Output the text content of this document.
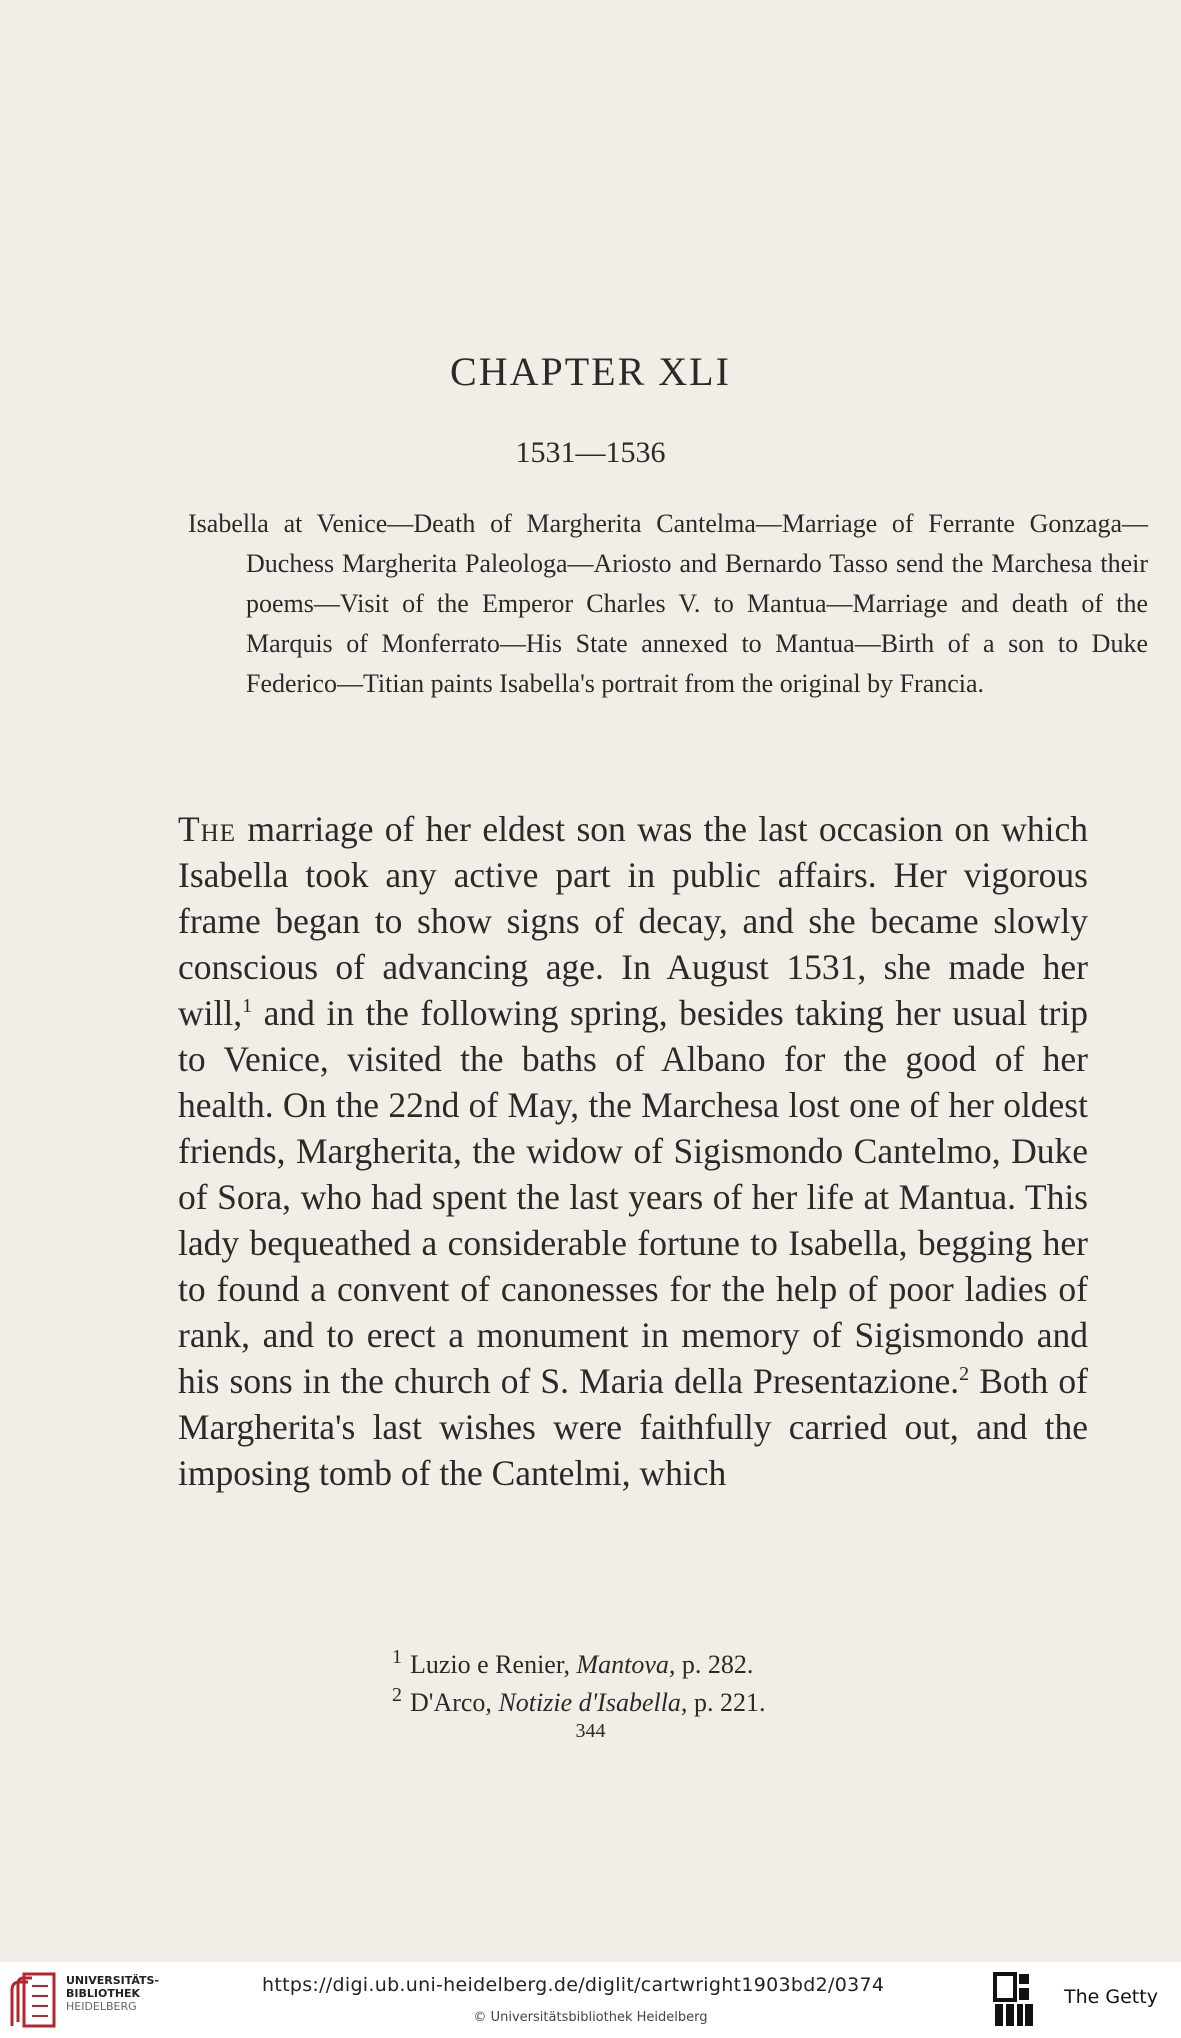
CHAPTER XLI
1531—1536
Isabella at Venice—Death of Margherita Cantelma—Marriage of Ferrante Gonzaga—Duchess Margherita Paleologa—Ariosto and Bernardo Tasso send the Marchesa their poems—Visit of the Emperor Charles V. to Mantua—Marriage and death of the Marquis of Monferrato—His State annexed to Mantua—Birth of a son to Duke Federico—Titian paints Isabella's portrait from the original by Francia.
The marriage of her eldest son was the last occasion on which Isabella took any active part in public affairs. Her vigorous frame began to show signs of decay, and she became slowly conscious of advancing age. In August 1531, she made her will,$^1$ and in the following spring, besides taking her usual trip to Venice, visited the baths of Albano for the good of her health. On the 22nd of May, the Marchesa lost one of her oldest friends, Margherita, the widow of Sigismondo Cantelmo, Duke of Sora, who had spent the last years of her life at Mantua. This lady bequeathed a considerable fortune to Isabella, begging her to found a convent of canonesses for the help of poor ladies of rank, and to erect a monument in memory of Sigismondo and his sons in the church of S. Maria della Presentazione.$^2$ Both of Margherita's last wishes were faithfully carried out, and the imposing tomb of the Cantelmi, which
$^1$ Luzio e Renier, Mantova, p. 282.
$^2$ D'Arco, Notizie d'Isabella, p. 221.
344
UNIVERSITÄTS-
BIBLIOTHEK
HEIDELBERG
https://digi.ub.uni-heidelberg.de/diglit/cartwright1903bd2/0374
© Universitätsbibliothek Heidelberg
The Getty
